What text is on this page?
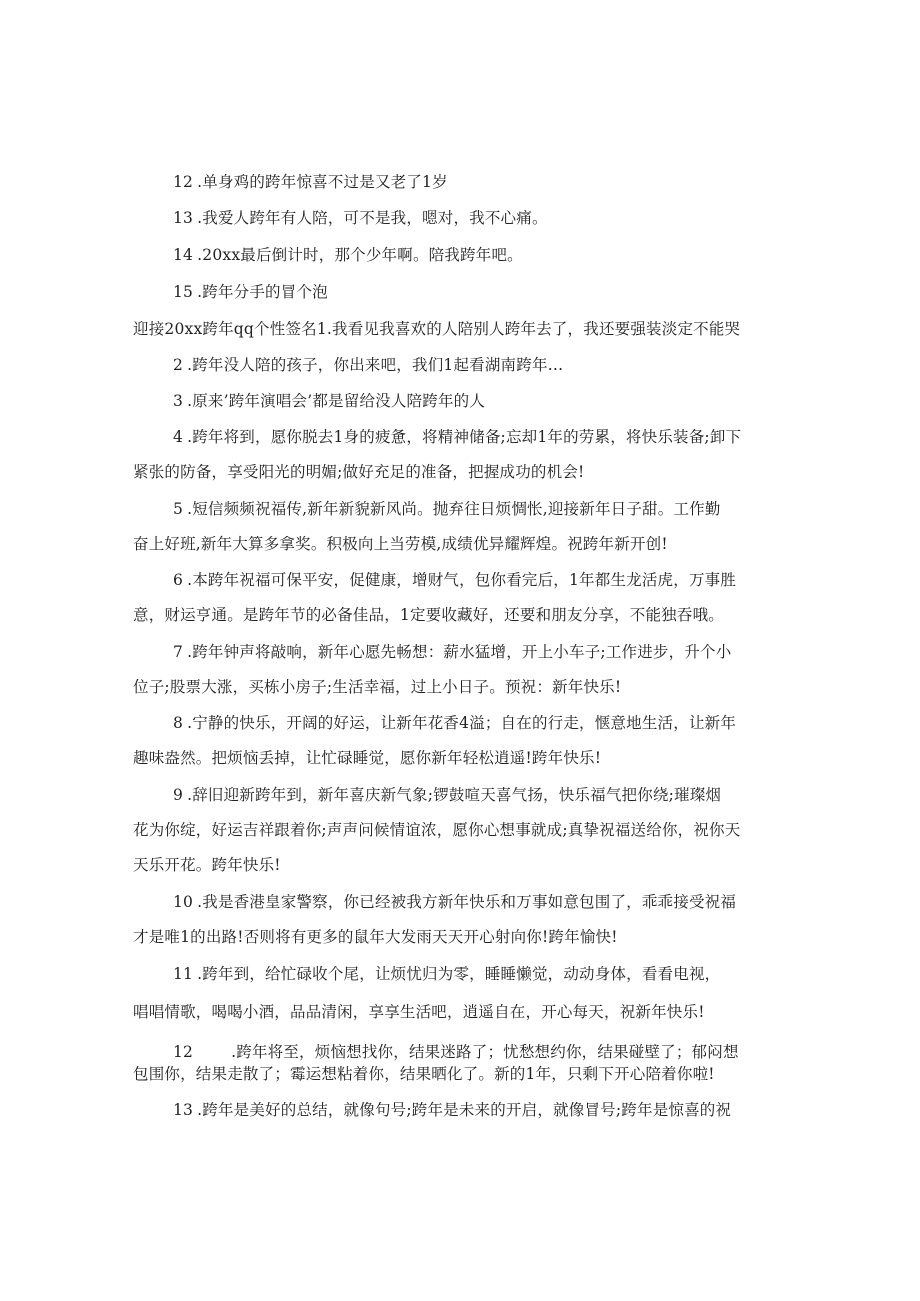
12 .单身鸡的跨年惊喜不过是又老了1岁
13 .我爱人跨年有人陪，可不是我，嗯对，我不心痛。
14 .20xx最后倒计时，那个少年啊。陪我跨年吧。
15 .跨年分手的冒个泡
迎接20xx跨年qq个性签名1.我看见我喜欢的人陪别人跨年去了，我还要强装淡定不能哭
2 .跨年没人陪的孩子，你出来吧，我们1起看湖南跨年…
3 .原来’跨年演唱会’都是留给没人陪跨年的人
4 .跨年将到，愿你脱去1身的疲惫，将精神储备;忘却1年的劳累，将快乐装备;卸下
紧张的防备，享受阳光的明媚;做好充足的准备，把握成功的机会!
5 .短信频频祝福传,新年新貌新风尚。抛弃往日烦惆怅,迎接新年日子甜。工作勤
奋上好班,新年大算多拿奖。积极向上当劳模,成绩优异耀辉煌。祝跨年新开创!
6 .本跨年祝福可保平安，促健康，增财气，包你看完后，1年都生龙活虎，万事胜
意，财运亨通。是跨年节的必备佳品，1定要收藏好，还要和朋友分享，不能独吞哦。
7 .跨年钟声将敲响，新年心愿先畅想：薪水猛增，开上小车子;工作进步，升个小
位子;股票大涨，买栋小房子;生活幸福，过上小日子。预祝：新年快乐!
8 .宁静的快乐，开阔的好运，让新年花香4溢；自在的行走，惬意地生活，让新年
趣味盎然。把烦恼丢掉，让忙碌睡觉，愿你新年轻松逍遥!跨年快乐!
9 .辞旧迎新跨年到，新年喜庆新气象;锣鼓喧天喜气扬，快乐福气把你绕;璀璨烟
花为你绽，好运吉祥跟着你;声声问候情谊浓，愿你心想事就成;真挚祝福送给你，祝你天
天乐开花。跨年快乐!
10 .我是香港皇家警察，你已经被我方新年快乐和万事如意包围了，乖乖接受祝福
才是唯1的出路!否则将有更多的鼠年大发雨天天开心射向你!跨年愉快!
11 .跨年到，给忙碌收个尾，让烦忧归为零，睡睡懒觉，动动身体，看看电视，
唱唱情歌，喝喝小酒，品品清闲，享享生活吧，逍遥自在，开心每天，祝新年快乐!
12 .跨年将至，烦恼想找你，结果迷路了；忧愁想约你，结果碰壁了；郁闷想
包围你，结果走散了；霉运想粘着你，结果晒化了。新的1年，只剩下开心陪着你啦!
13 .跨年是美好的总结，就像句号;跨年是未来的开启，就像冒号;跨年是惊喜的祝
